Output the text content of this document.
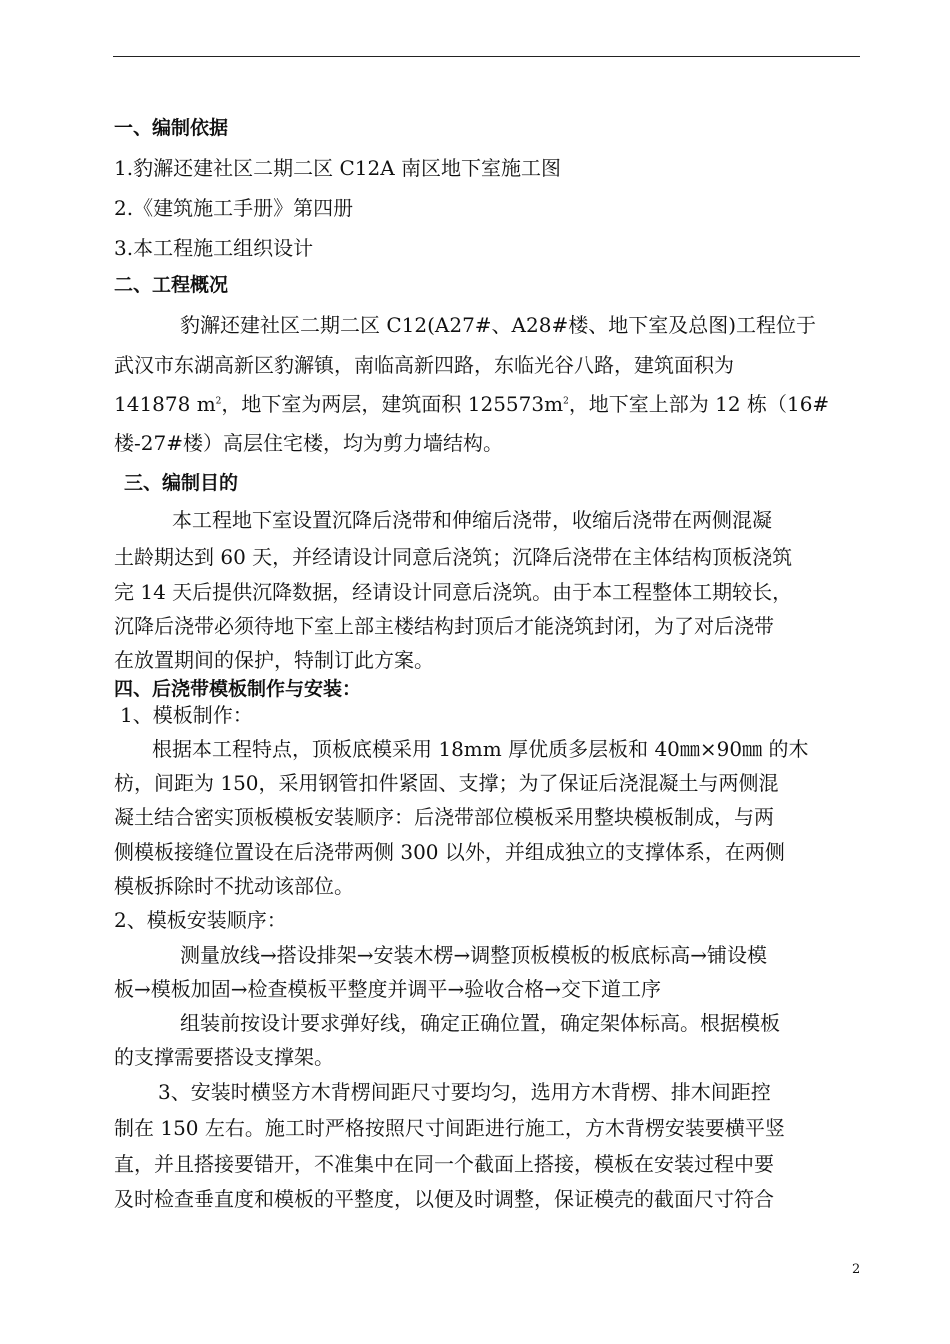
一、编制依据
1.豹澥还建社区二期二区 C12A 南区地下室施工图
2.《建筑施工手册》第四册
3.本工程施工组织设计
二、工程概况
豹澥还建社区二期二区 C12(A27#、A28#楼、地下室及总图)工程位于
武汉市东湖高新区豹澥镇，南临高新四路，东临光谷八路，建筑面积为
141878 $m^2$，地下室为两层，建筑面积 $125573m^2$，地下室上部为 12 栋（16#
楼-27#楼）高层住宅楼，均为剪力墙结构。
三、编制目的
本工程地下室设置沉降后浇带和伸缩后浇带，收缩后浇带在两侧混凝
土龄期达到 60 天，并经请设计同意后浇筑；沉降后浇带在主体结构顶板浇筑
完 14 天后提供沉降数据，经请设计同意后浇筑。由于本工程整体工期较长，
沉降后浇带必须待地下室上部主楼结构封顶后才能浇筑封闭，为了对后浇带
在放置期间的保护，特制订此方案。
四、后浇带模板制作与安装：
1、模板制作：
根据本工程特点，顶板底模采用 18mm 厚优质多层板和 40㎜×90㎜ 的木
枋，间距为 150，采用钢管扣件紧固、支撑；为了保证后浇混凝土与两侧混
凝土结合密实顶板模板安装顺序：后浇带部位模板采用整块模板制成，与两
侧模板接缝位置设在后浇带两侧 300 以外，并组成独立的支撑体系，在两侧
模板拆除时不扰动该部位。
2、模板安装顺序：
测量放线→搭设排架→安装木楞→调整顶板模板的板底标高→铺设模
板→模板加固→检查模板平整度并调平→验收合格→交下道工序
组装前按设计要求弹好线，确定正确位置，确定架体标高。根据模板
的支撑需要搭设支撑架。
3、安装时横竖方木背楞间距尺寸要均匀，选用方木背楞、排木间距控
制在 150 左右。施工时严格按照尺寸间距进行施工，方木背楞安装要横平竖
直，并且搭接要错开，不准集中在同一个截面上搭接，模板在安装过程中要
及时检查垂直度和模板的平整度，以便及时调整，保证模壳的截面尺寸符合
2
